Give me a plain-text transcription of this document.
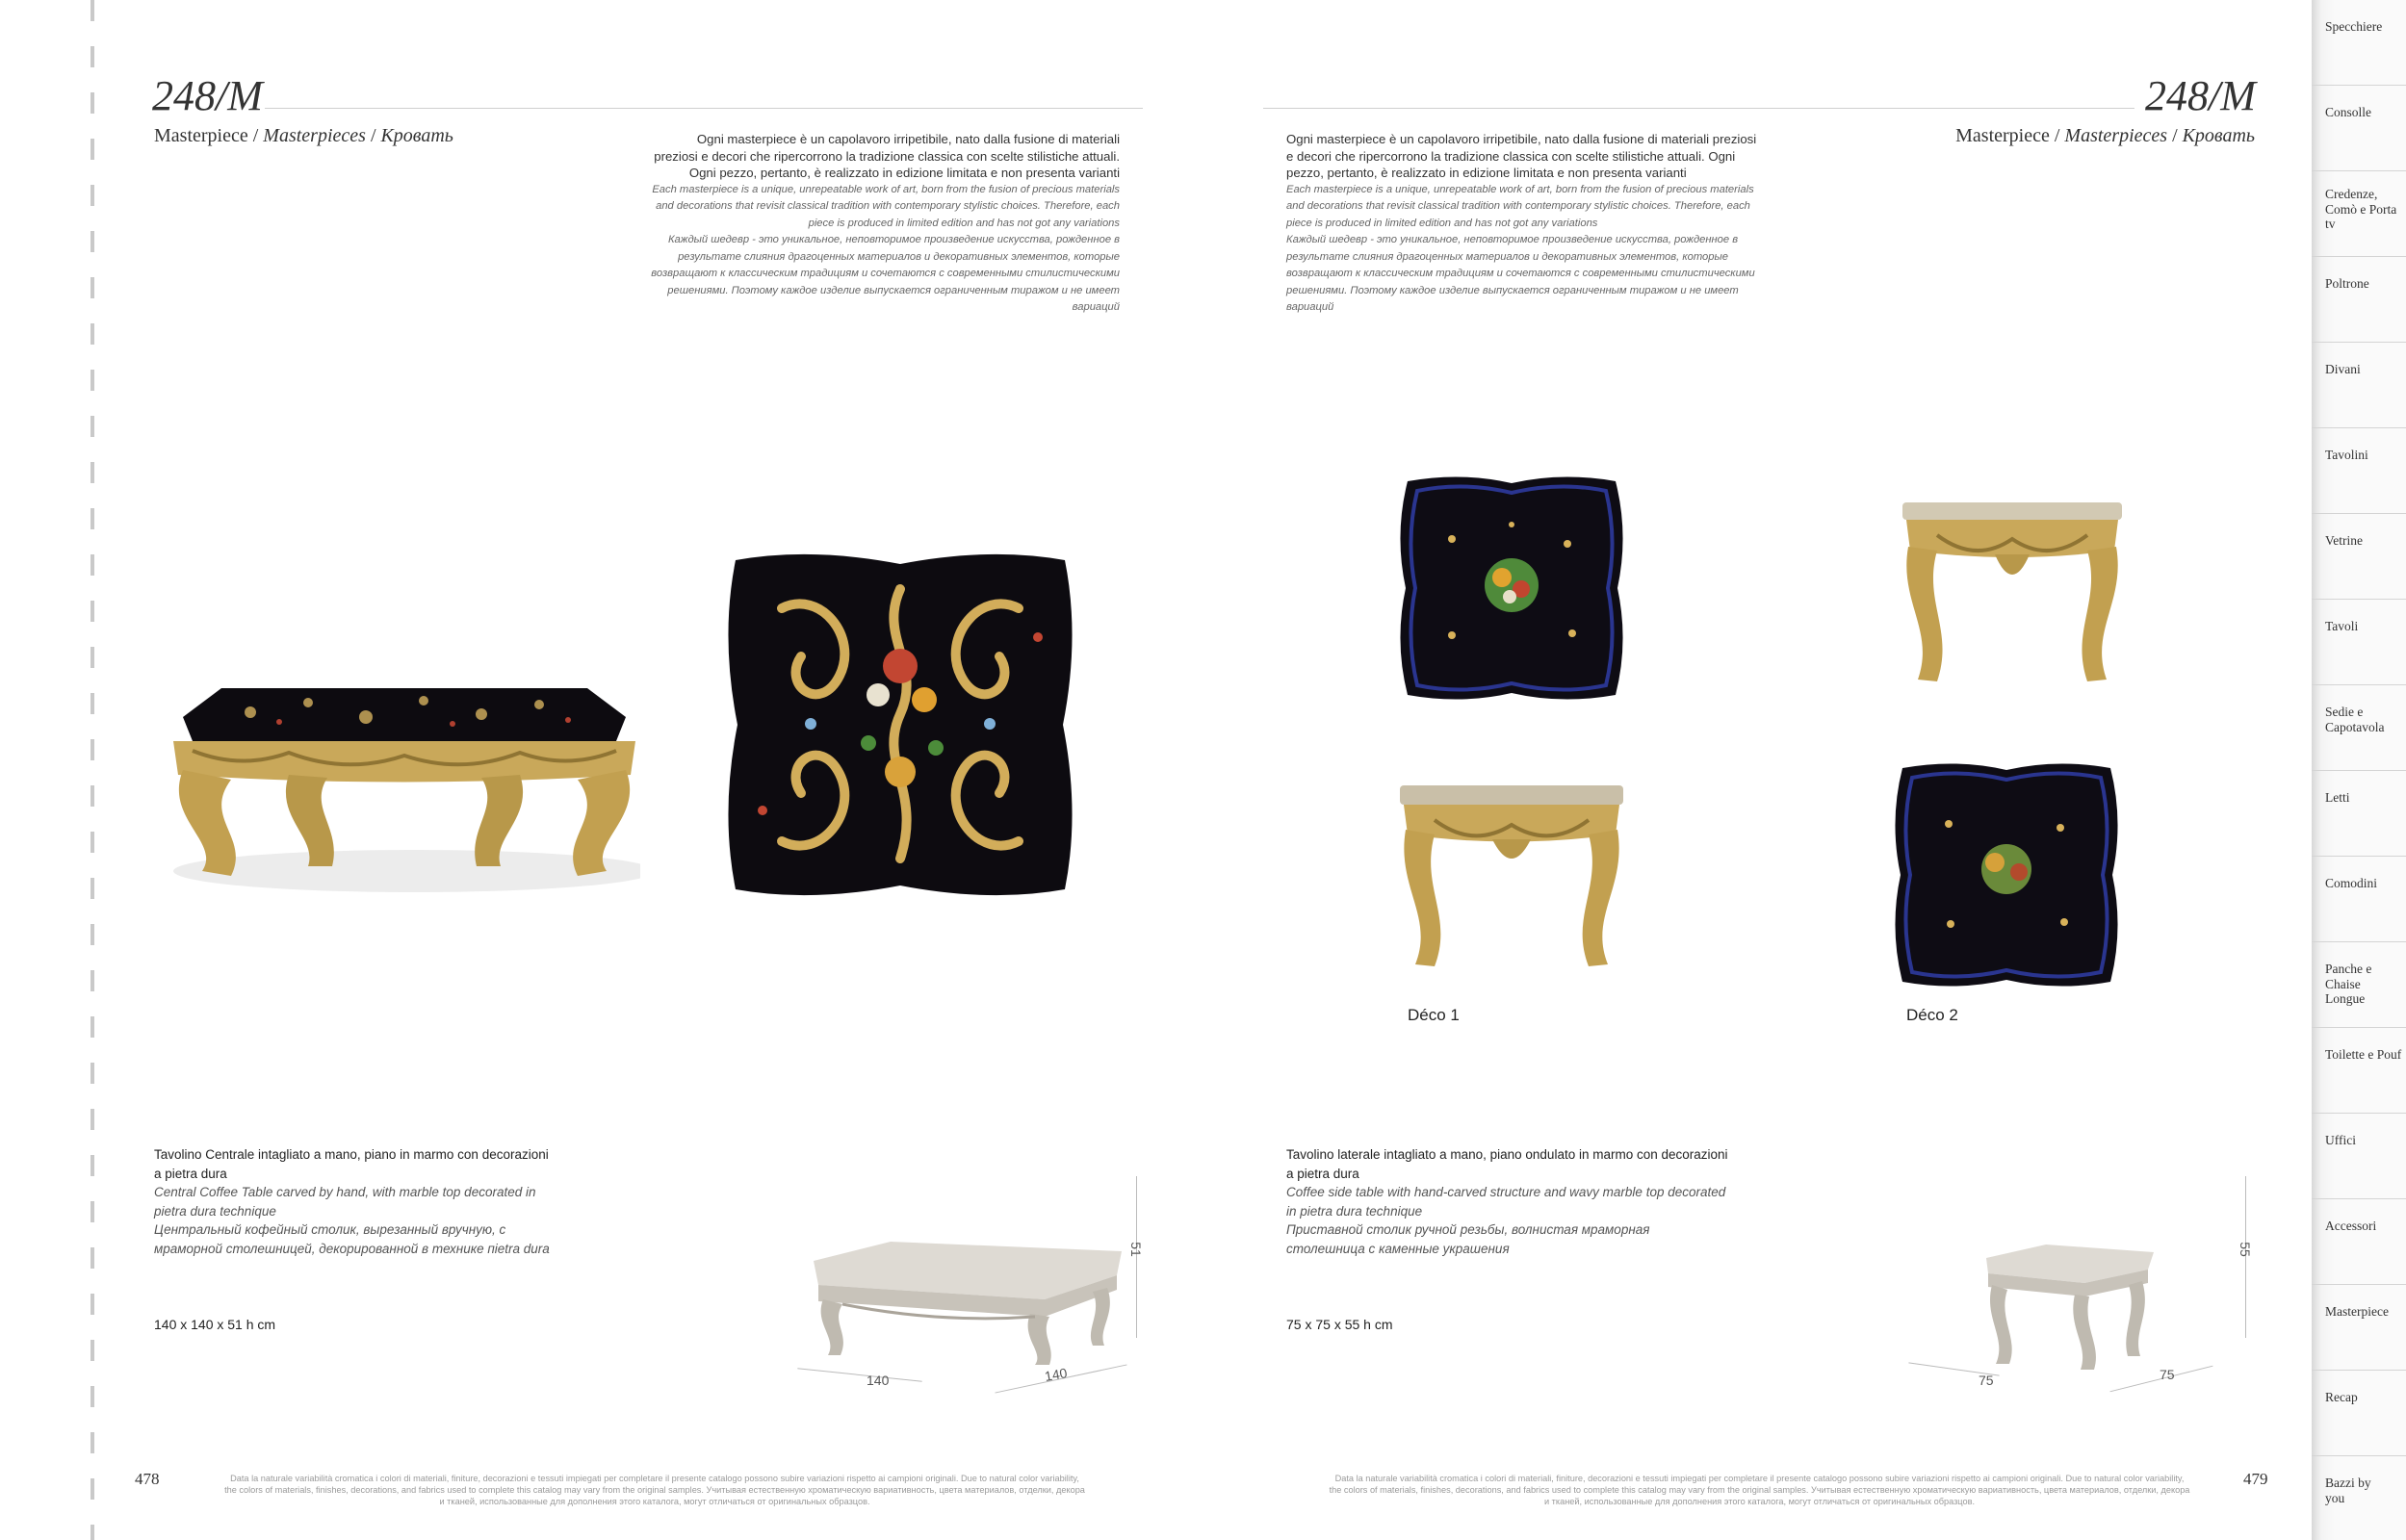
248/M
Masterpiece / Masterpieces / Кровать	Ogni masterpiece è un capolavoro irripetibile, nato dalla fusione di materiali preziosi e decori che ripercorrono la tradizione classica con scelte stilistiche attuali. Ogni pezzo, pertanto, è realizzato in edizione limitata e non presenta varianti
Each masterpiece is a unique, unrepeatable work of art, born from the fusion of precious materials and decorations that revisit classical tradition with contemporary stylistic choices. Therefore, each piece is produced in limited edition and has not got any variations
Каждый шедевр - это уникальное, неповторимое произведение искусства, рожденное в результате слияния драгоценных материалов и декоративных элементов, которые возвращают к классическим традициям и сочетаются с современными стилистическими решениями. Поэтому каждое изделие выпускается ограниченным тиражом и не имеет вариаций
Tavolino Centrale intagliato a mano, piano in marmo con decorazioni a pietra dura
Central Coffee Table carved by hand, with marble top decorated in pietra dura technique
Центральный кофейный столик, вырезанный вручную, с мраморной столешницей, декорированной в технике пietra dura
140 x 140 x 51 h cm
51
140	140
478	Data la naturale variabilità cromatica i colori di materiali, finiture, decorazioni e tessuti impiegati per completare il presente catalogo possono subire variazioni rispetto ai campioni originali. Due to natural color variability,
the colors of materials, finishes, decorations, and fabrics used to complete this catalog may vary from the original samples. Учитывая естественную хроматическую вариативность, цвета материалов, отделки, декора
и тканей, использованные для дополнения этого каталога, могут отличаться от оригинальных образцов.
248/M
Masterpiece / Masterpieces / Кровать
Ogni masterpiece è un capolavoro irripetibile, nato dalla fusione di materiali preziosi e decori che ripercorrono la tradizione classica con scelte stilistiche attuali. Ogni pezzo, pertanto, è realizzato in edizione limitata e non presenta varianti
Each masterpiece is a unique, unrepeatable work of art, born from the fusion of precious materials and decorations that revisit classical tradition with contemporary stylistic choices. Therefore, each piece is produced in limited edition and has not got any variations
Каждый шедевр - это уникальное, неповторимое произведение искусства, рожденное в результате слияния драгоценных материалов и декоративных элементов, которые возвращают к классическим традициям и сочетаются с современными стилистическими решениями. Поэтому каждое изделие выпускается ограниченным тиражом и не имеет вариаций
Déco 1	Déco 2
Tavolino laterale intagliato a mano, piano ondulato in marmo con decorazioni a pietra dura
Coffee side table with hand-carved structure and wavy marble top decorated in pietra dura technique
Приставной столик ручной резьбы, волнистая мраморная столешница с каменные украшения
75 x 75 x 55 h cm
55
75	75
Data la naturale variabilità cromatica i colori di materiali, finiture, decorazioni e tessuti impiegati per completare il presente catalogo possono subire variazioni rispetto ai campioni originali. Due to natural color variability,
the colors of materials, finishes, decorations, and fabrics used to complete this catalog may vary from the original samples. Учитывая естественную хроматическую вариативность, цвета материалов, отделки, декора
и тканей, использованные для дополнения этого каталога, могут отличаться от оригинальных образцов.
479
Specchiere
Consolle
Credenze, Comò e Porta tv
Poltrone
Divani
Tavolini
Vetrine
Tavoli
Sedie e Capotavola
Letti
Comodini
Panche e Chaise Longue
Toilette e Pouf
Uffici
Accessori
Masterpiece
Recap
Bazzi by you
